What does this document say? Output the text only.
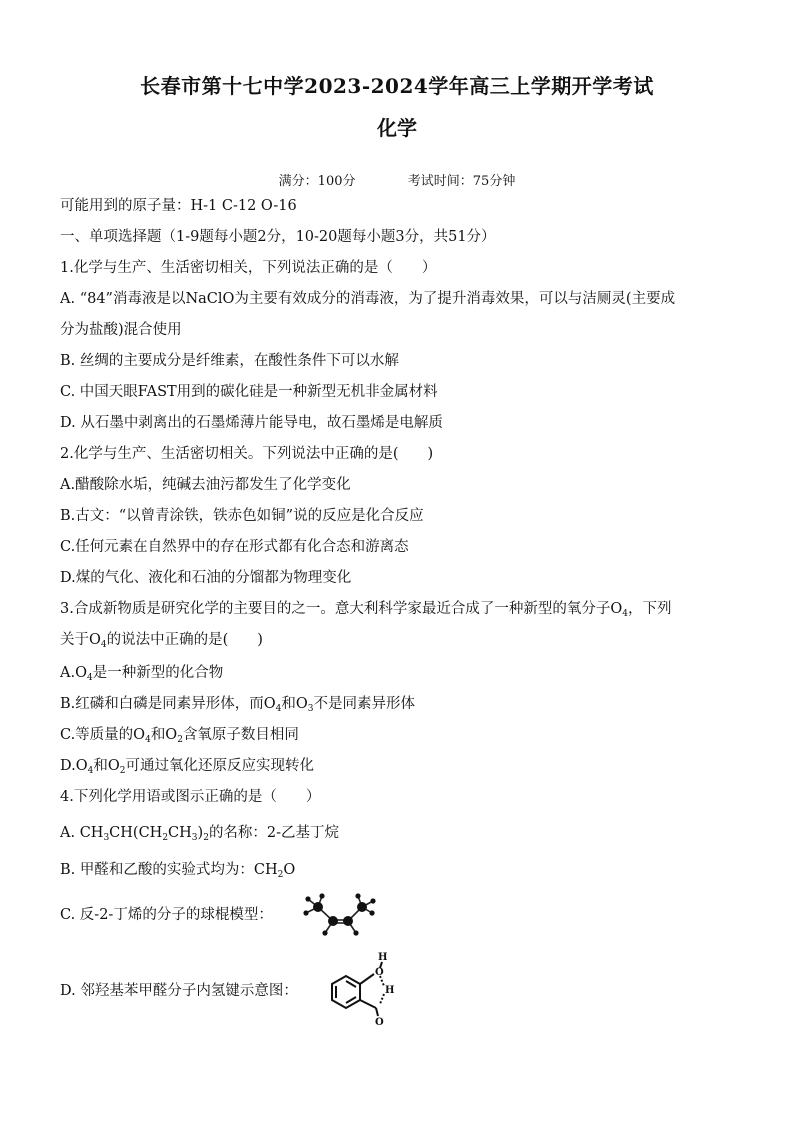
长春市第十七中学2023-2024学年高三上学期开学考试
化学
满分：100分	考试时间：75分钟
可能用到的原子量：H-1 C-12 O-16
一、单项选择题（1-9题每小题2分，10-20题每小题3分，共51分）
1.化学与生产、生活密切相关，下列说法正确的是（　　）
A. “84”消毒液是以NaClO为主要有效成分的消毒液，为了提升消毒效果，可以与洁厕灵(主要成
分为盐酸)混合使用
B. 丝绸的主要成分是纤维素，在酸性条件下可以水解
C. 中国天眼FAST用到的碳化硅是一种新型无机非金属材料
D. 从石墨中剥离出的石墨烯薄片能导电，故石墨烯是电解质
2.化学与生产、生活密切相关。下列说法中正确的是(　　)
A.醋酸除水垢，纯碱去油污都发生了化学变化
B.古文：“以曾青涂铁，铁赤色如铜”说的反应是化合反应
C.任何元素在自然界中的存在形式都有化合态和游离态
D.煤的气化、液化和石油的分馏都为物理变化
3.合成新物质是研究化学的主要目的之一。意大利科学家最近合成了一种新型的氧分子$O_4$，下列
关于$O_4$的说法中正确的是(　　)
$A.O_4$是一种新型的化合物
B.红磷和白磷是同素异形体，而$O_4$和$O_3$不是同素异形体
C.等质量的$O_4$和$O_2$含氧原子数目相同
$D.O_4$和$O_2$可通过氧化还原反应实现转化
4.下列化学用语或图示正确的是（　　）
A. $CH_3CH(CH_2CH_3)_2$的名称：2-乙基丁烷
B. 甲醛和乙酸的实验式均为：$CH_2O$
C. 反-2-丁烯的分子的球棍模型：
D. 邻羟基苯甲醛分子内氢键示意图：
H
O
H
O
